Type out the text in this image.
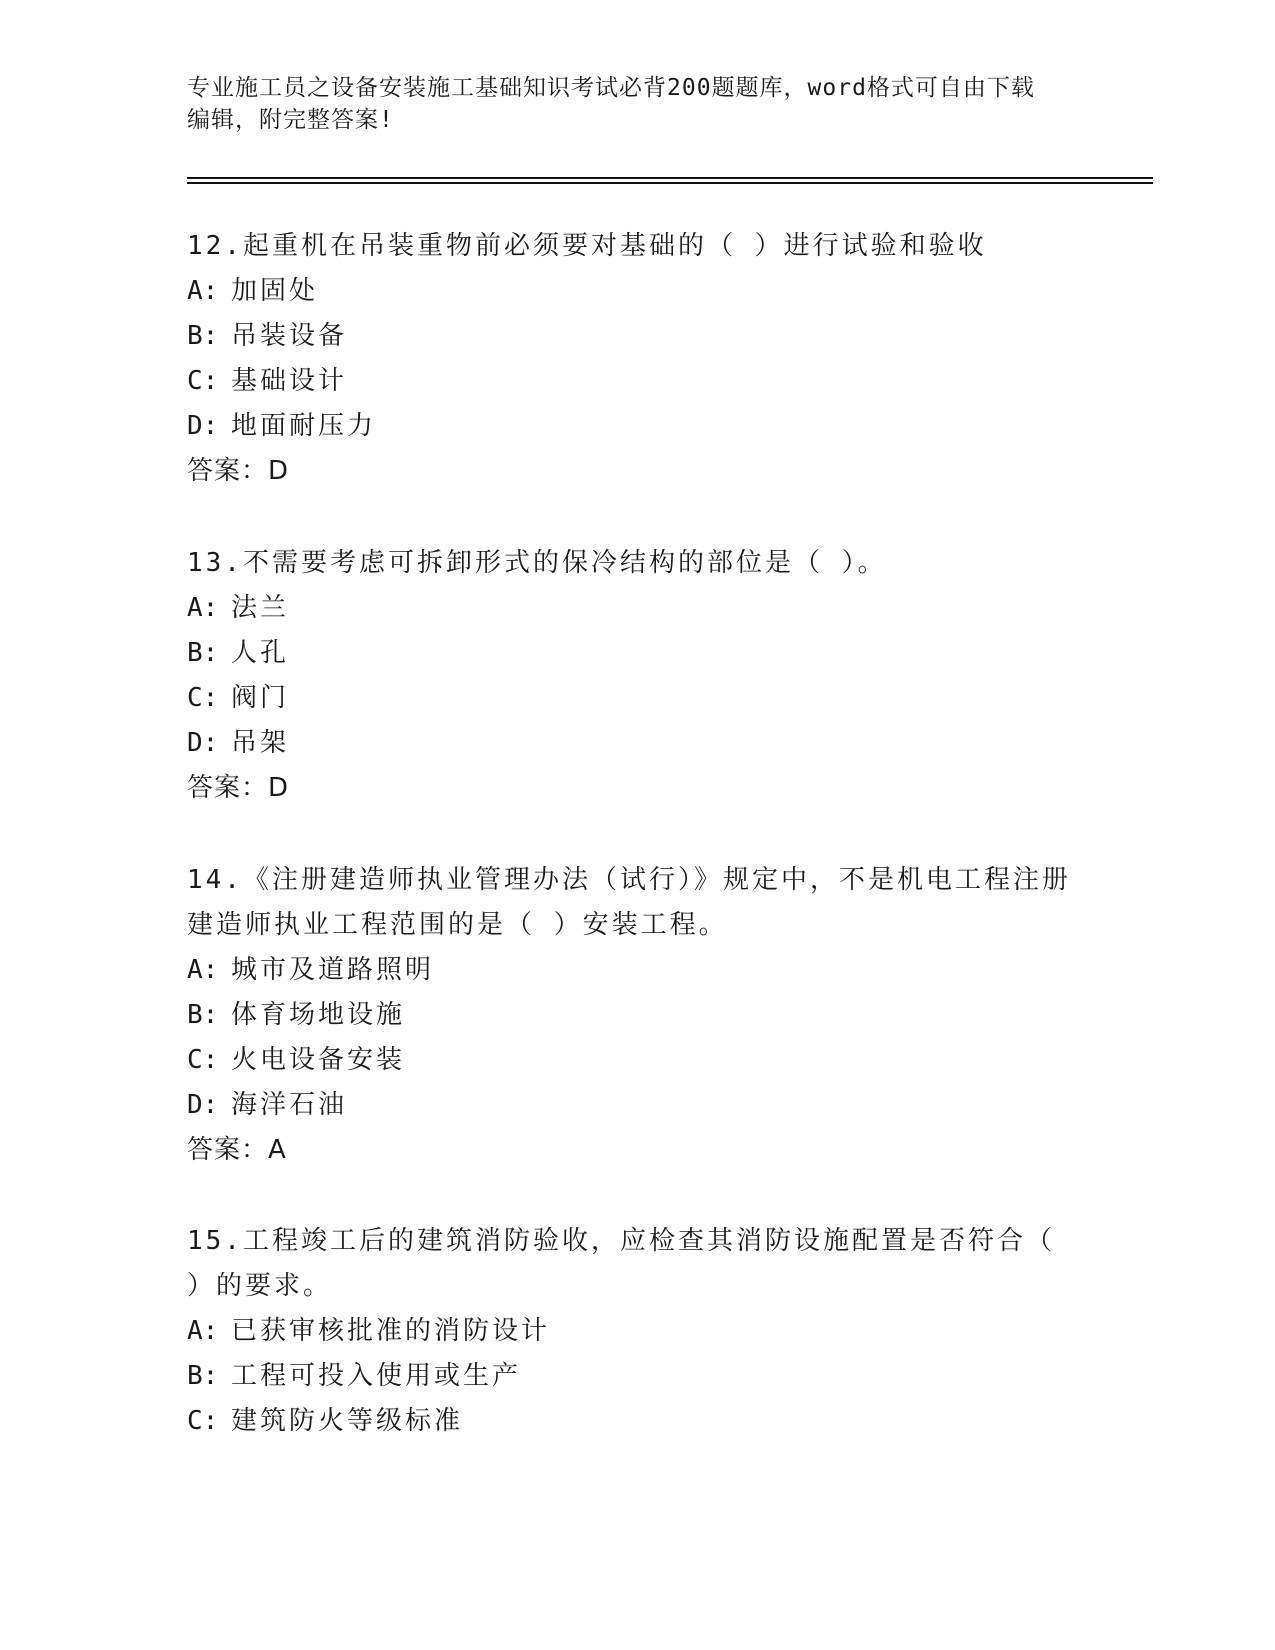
专业施工员之设备安装施工基础知识考试必背200题题库，word格式可自由下载
编辑，附完整答案!
12.起重机在吊装重物前必须要对基础的（ ）进行试验和验收
A: 加固处
B: 吊装设备
C: 基础设计
D: 地面耐压力
答案：D
13.不需要考虑可拆卸形式的保冷结构的部位是（ ）。
A: 法兰
B: 人孔
C: 阀门
D: 吊架
答案：D
14.《注册建造师执业管理办法（试行）》规定中，不是机电工程注册
建造师执业工程范围的是（ ）安装工程。
A: 城市及道路照明
B: 体育场地设施
C: 火电设备安装
D: 海洋石油
答案：A
15.工程竣工后的建筑消防验收，应检查其消防设施配置是否符合（
）的要求。
A: 已获审核批准的消防设计
B: 工程可投入使用或生产
C: 建筑防火等级标准
